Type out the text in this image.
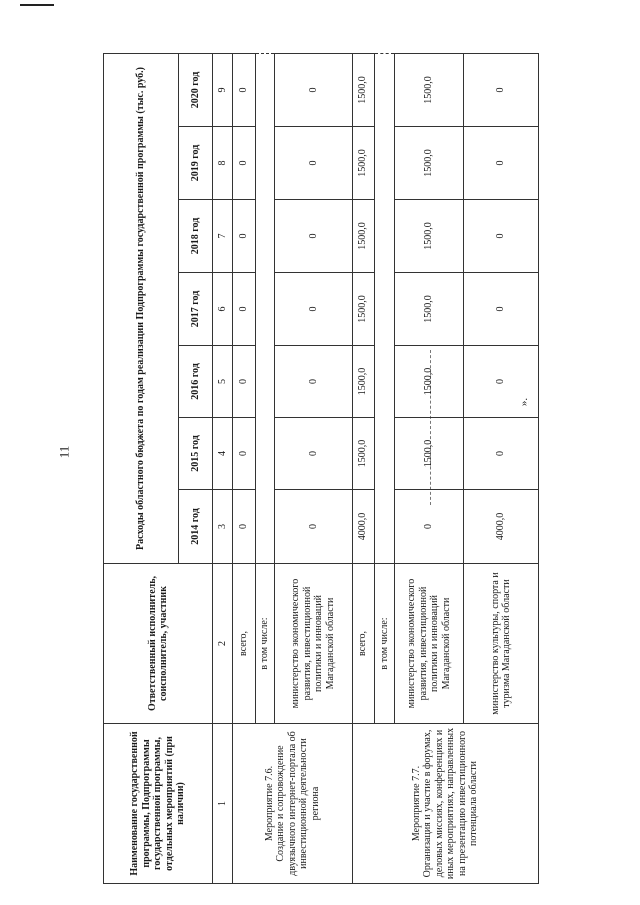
11
».
Наименование государственной программы, Подпрограммы государственной программы, отдельных мероприятий (при наличии)	Ответственный исполнитель, соисполнитель, участник	Расходы областного бюджета по годам реализации Подпрограммы государственной программы (тыс. руб.)						
		2014 год	2015 год	2016 год	2017 год	2018 год	2019 год	2020 год
1	2	3	4	5	6	7	8	9

Мероприятие 7.6. Создание и сопровождение двуязычного интернет-портала об инвестиционной деятельности региона	всего,	0	0	0	0	0	0	0
	в том числе:							
	министерство экономического развития, инвестиционной политики и инноваций Магаданской области	0	0	0	0	0	0	0

Мероприятие 7.7. Организация и участие в форумах, деловых миссиях, конференциях и иных мероприятиях, направленных на презентацию инвестиционного потенциала области	всего,	4000,0	1500,0	1500,0	1500,0	1500,0	1500,0	1500,0
	в том числе:							
	министерство экономического развития, инвестиционной политики и инноваций Магаданской области	0	1500,0	1500,0	1500,0	1500,0	1500,0	1500,0
	министерство культуры, спорта и туризма Магаданской области	4000,0	0	0	0	0	0	0
